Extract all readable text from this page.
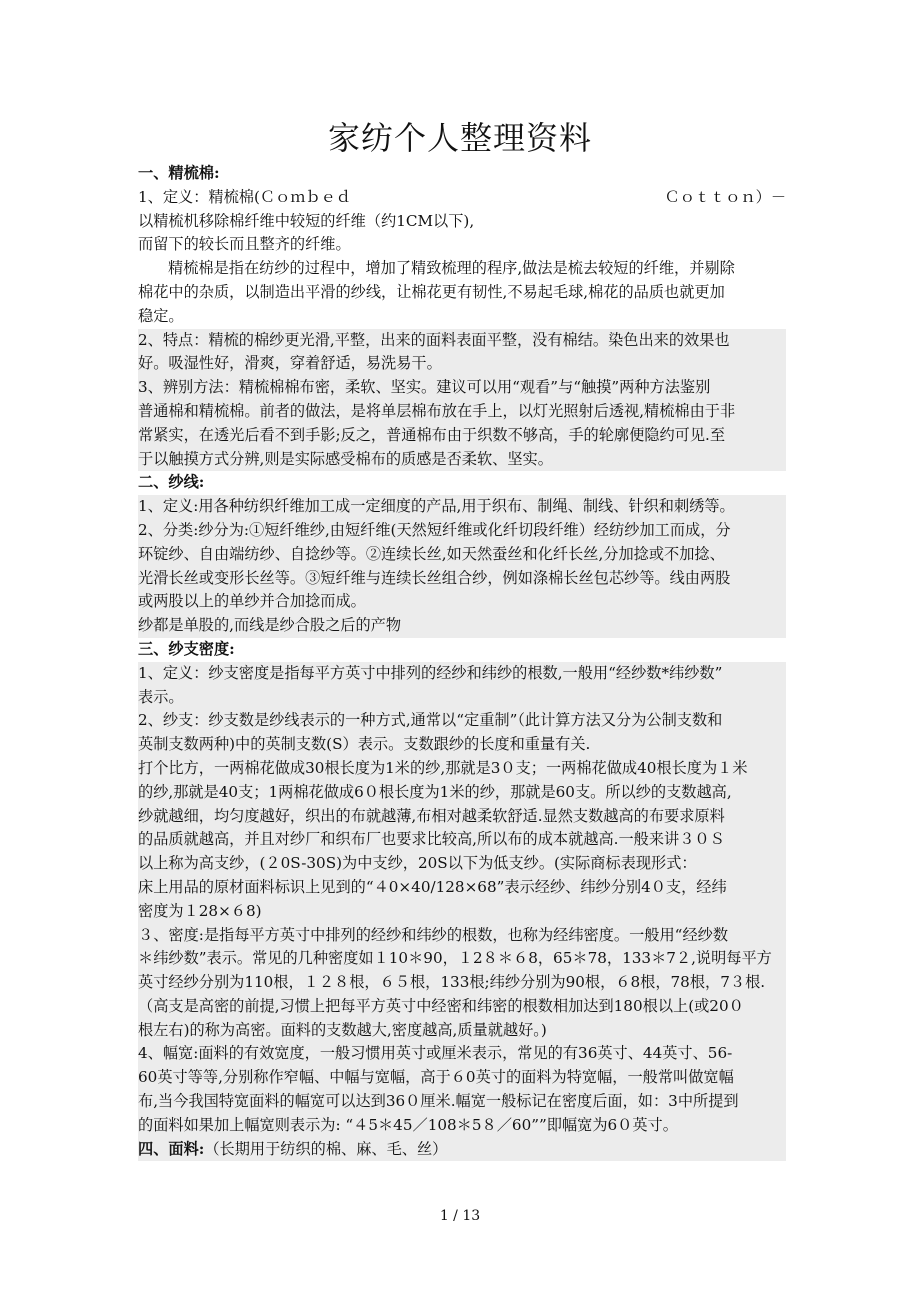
家纺个人整理资料
一、精梳棉:
1、定义：精梳棉(Ｃｏｍｂｅｄ	Ｃｏｔｔｏｎ）－
以精梳机移除棉纤维中较短的纤维（约1CM以下),
而留下的较长而且整齐的纤维。
精梳棉是指在纺纱的过程中，增加了精致梳理的程序,做法是梳去较短的纤维，并剔除
棉花中的杂质，以制造出平滑的纱线，让棉花更有韧性,不易起毛球,棉花的品质也就更加
稳定。
2、特点：精梳的棉纱更光滑,平整，出来的面料表面平整，没有棉结。染色出来的效果也
好。吸湿性好，滑爽，穿着舒适，易洗易干。
3、辨别方法：精梳棉棉布密，柔软、坚实。建议可以用“观看”与“触摸”两种方法鉴别
普通棉和精梳棉。前者的做法，是将单层棉布放在手上，以灯光照射后透视,精梳棉由于非
常紧实，在透光后看不到手影;反之，普通棉布由于织数不够高，手的轮廓便隐约可见.至
于以触摸方式分辨,则是实际感受棉布的质感是否柔软、坚实。
二、纱线:
1、定义:用各种纺织纤维加工成一定细度的产品,用于织布、制绳、制线、针织和刺绣等。
2、分类:纱分为:①短纤维纱,由短纤维(天然短纤维或化纤切段纤维）经纺纱加工而成，分
环锭纱、自由端纺纱、自捻纱等。②连续长丝,如天然蚕丝和化纤长丝,分加捻或不加捻、
光滑长丝或变形长丝等。③短纤维与连续长丝组合纱，例如涤棉长丝包芯纱等。线由两股
或两股以上的单纱并合加捻而成。
纱都是单股的,而线是纱合股之后的产物
三、纱支密度:
1、定义：纱支密度是指每平方英寸中排列的经纱和纬纱的根数,一般用“经纱数*纬纱数”
表示。
2、纱支：纱支数是纱线表示的一种方式,通常以“定重制”（此计算方法又分为公制支数和
英制支数两种)中的英制支数(S）表示。支数跟纱的长度和重量有关.
打个比方，一两棉花做成30根长度为1米的纱,那就是3０支；一两棉花做成40根长度为１米
的纱,那就是40支；1两棉花做成6０根长度为1米的纱，那就是60支。所以纱的支数越高,
纱就越细，均匀度越好，织出的布就越薄,布相对越柔软舒适.显然支数越高的布要求原料
的品质就越高，并且对纱厂和织布厂也要求比较高,所以布的成本就越高.一般来讲３０Ｓ
以上称为高支纱，(２0S-30S)为中支纱，20S以下为低支纱。(实际商标表现形式：
床上用品的原材面料标识上见到的“４0×40/128×68”表示经纱、纬纱分别4０支，经纬
密度为１28×６8)
３、密度:是指每平方英寸中排列的经纱和纬纱的根数，也称为经纬密度。一般用“经纱数
＊纬纱数”表示。常见的几种密度如１10＊90，１2８＊６8，65＊78，133＊7２,说明每平方
英寸经纱分别为110根，１２８根，６５根，133根;纬纱分别为90根，６8根，78根，7３根.
（高支是高密的前提,习惯上把每平方英寸中经密和纬密的根数相加达到180根以上(或20０
根左右)的称为高密。面料的支数越大,密度越高,质量就越好。)
4、幅宽:面料的有效宽度，一般习惯用英寸或厘米表示，常见的有36英寸、44英寸、56-
60英寸等等,分别称作窄幅、中幅与宽幅，高于６0英寸的面料为特宽幅，一般常叫做宽幅
布,当今我国特宽面料的幅宽可以达到36０厘米.幅宽一般标记在密度后面，如：3中所提到
的面料如果加上幅宽则表示为: “４5＊45／108＊5８／60””即幅宽为6０英寸。
四、面料:（长期用于纺织的棉、麻、毛、丝）
1 / 13
